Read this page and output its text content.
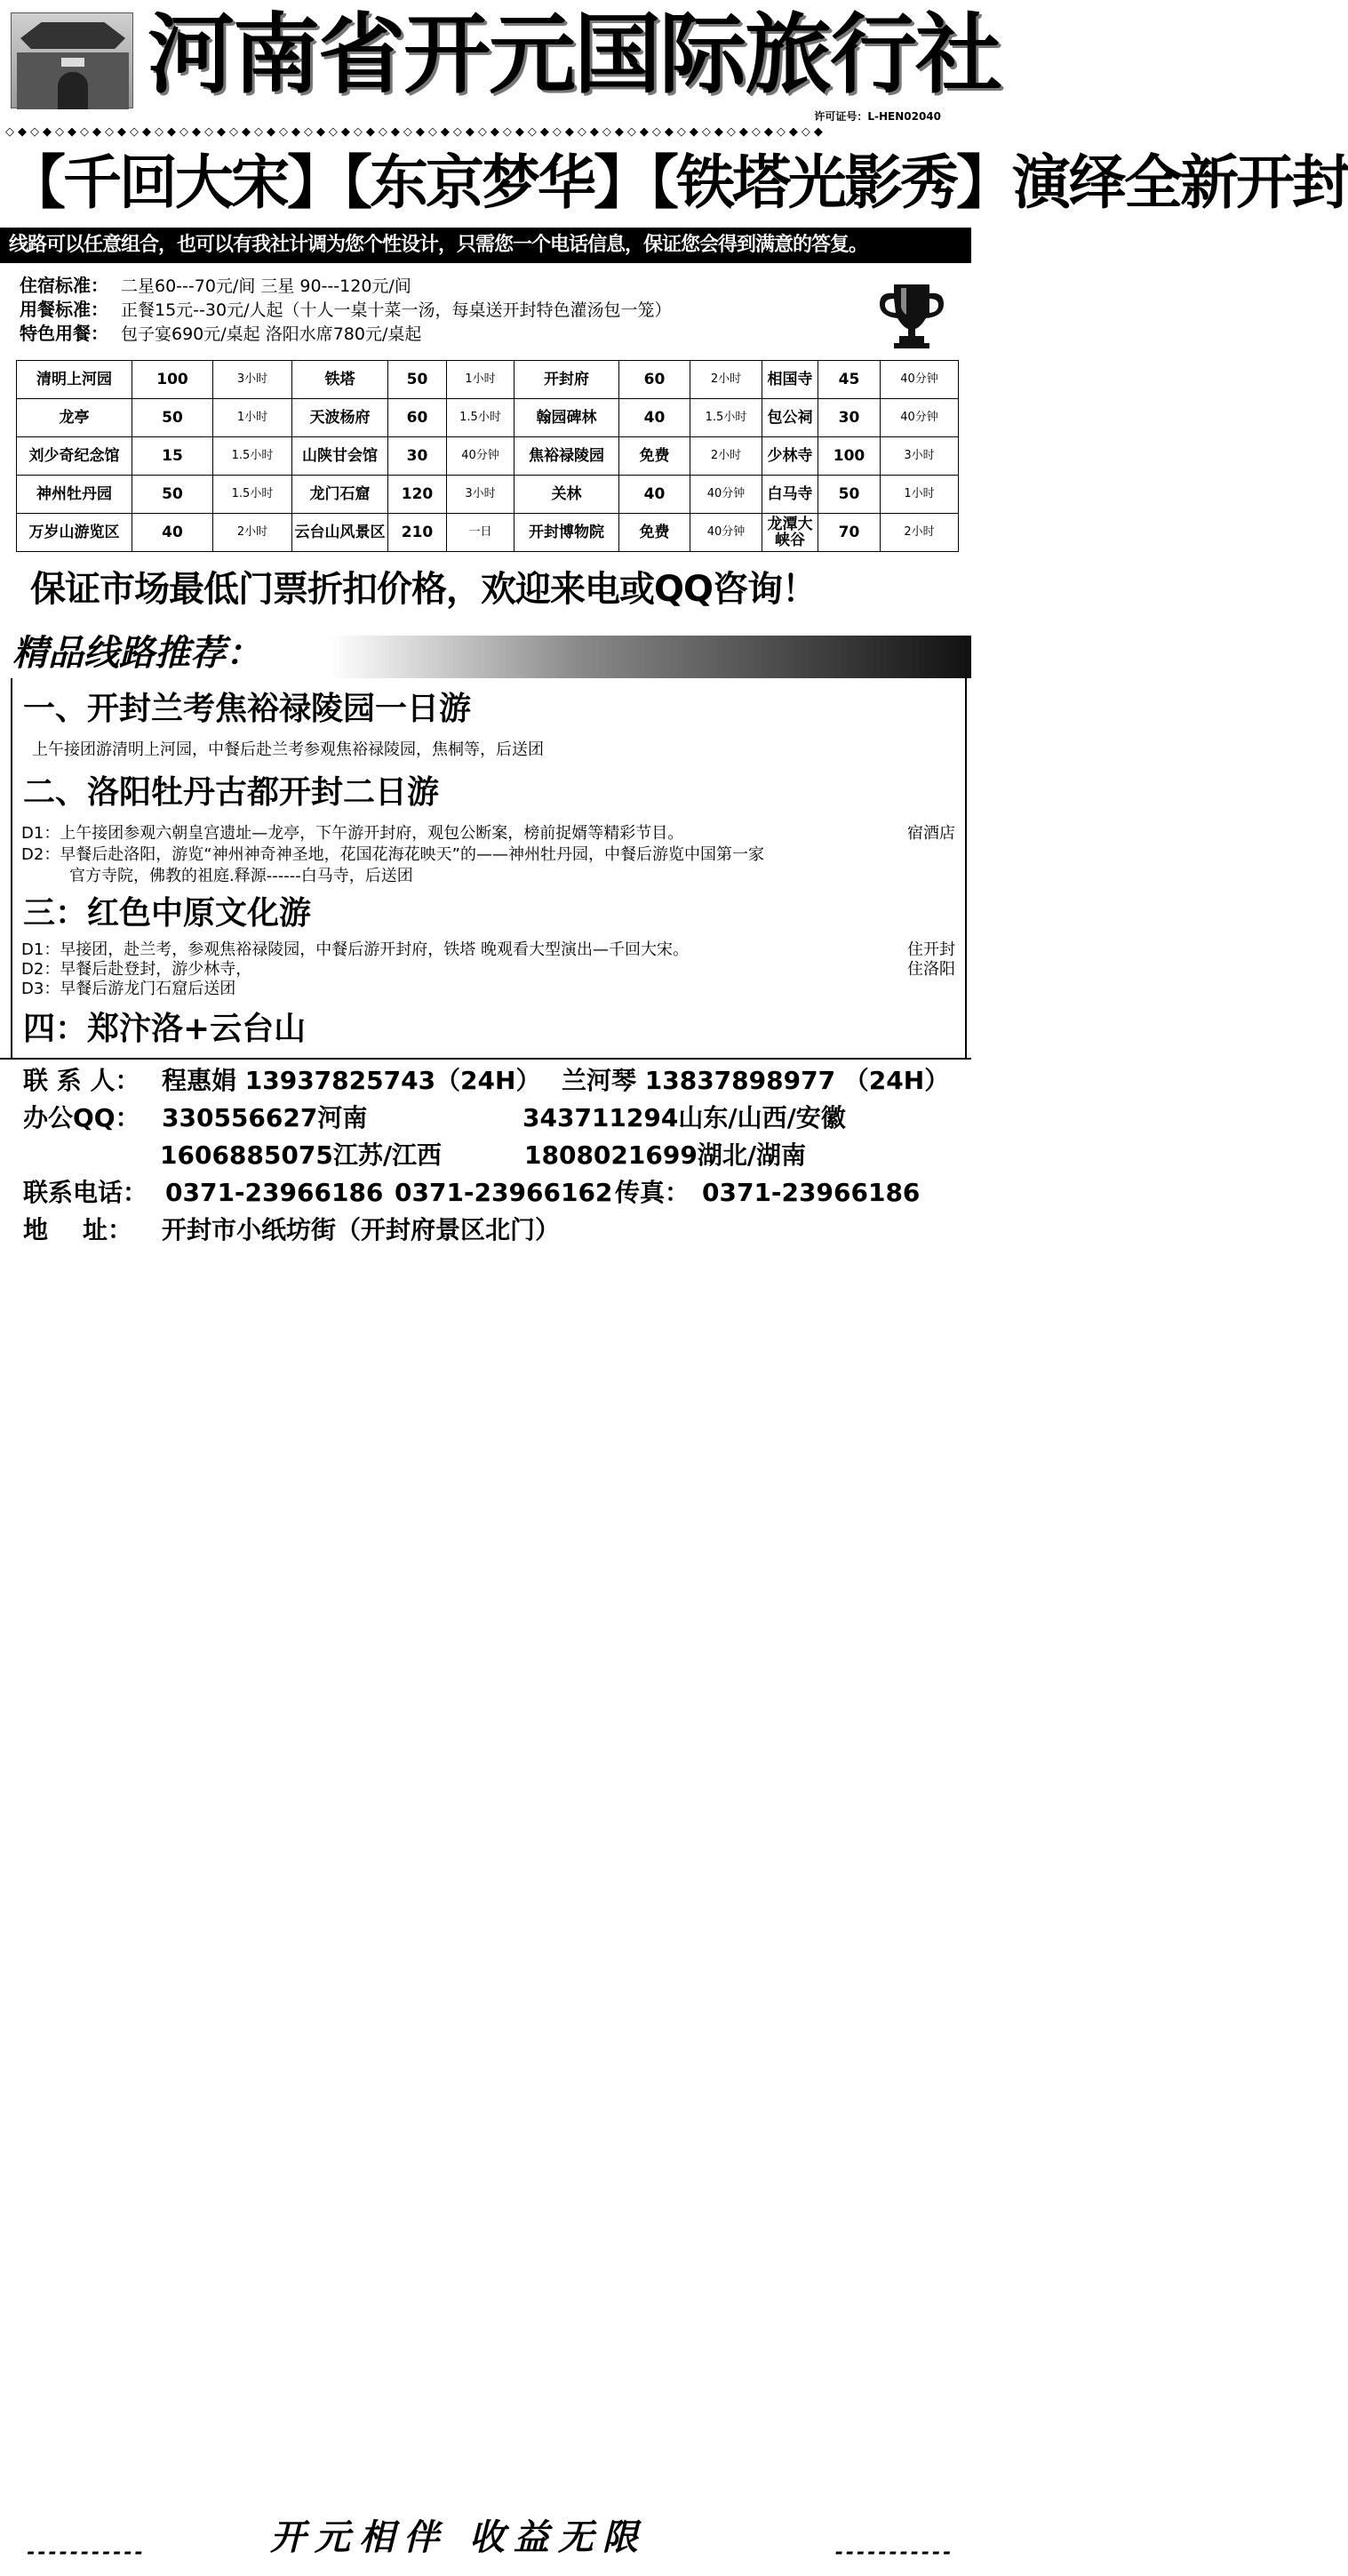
河南省开元国际旅行社
许可证号：L-HEN02040
◇◆◇◆◇◆◇◆◇◆◇◆◇◆◇◆◇◆◇◆◇◆◇◆◇◆◇◆◇◆◇◆◇◆◇◆◇◆◇◆◇◆◇◆◇◆◇◆◇◆◇◆◇◆◇◆◇◆◇◆◇◆◇◆◇◆
【千回大宋】【东京梦华】【铁塔光影秀】演绎全新开封
线路可以任意组合，也可以有我社计调为您个性设计，只需您一个电话信息，保证您会得到满意的答复。
住宿标准： 二星60---70元/间 三星 90---120元/间
用餐标准： 正餐15元--30元/人起（十人一桌十菜一汤，每桌送开封特色灌汤包一笼）
特色用餐： 包子宴690元/桌起 洛阳水席780元/桌起
清明上河园	100	3小时	铁塔	50	1小时	开封府	60	2小时	相国寺	45	40分钟
龙亭	50	1小时	天波杨府	60	1.5小时	翰园碑林	40	1.5小时	包公祠	30	40分钟
刘少奇纪念馆	15	1.5小时	山陕甘会馆	30	40分钟	焦裕禄陵园	免费	2小时	少林寺	100	3小时
神州牡丹园	50	1.5小时	龙门石窟	120	3小时	关林	40	40分钟	白马寺	50	1小时
万岁山游览区	40	2小时	云台山风景区	210	一日	开封博物院	免费	40分钟	龙潭大峡谷	70	2小时
保证市场最低门票折扣价格，欢迎来电或QQ咨询！
精品线路推荐：
一、开封兰考焦裕禄陵园一日游
上午接团游清明上河园，中餐后赴兰考参观焦裕禄陵园，焦桐等，后送团
二、洛阳牡丹古都开封二日游
D1：上午接团参观六朝皇宫遗址—龙亭，下午游开封府，观包公断案，榜前捉婿等精彩节目。	宿酒店
D2：早餐后赴洛阳，游览“神州神奇神圣地，花国花海花映天”的——神州牡丹园，中餐后游览中国第一家
官方寺院，佛教的祖庭.释源------白马寺，后送团
三：红色中原文化游
D1：早接团，赴兰考，参观焦裕禄陵园，中餐后游开封府，铁塔 晚观看大型演出—千回大宋。	住开封
D2：早餐后赴登封，游少林寺，	住洛阳
D3：早餐后游龙门石窟后送团
四：郑汴洛+云台山
联 系 人： 程惠娟 13937825743（24H） 兰河琴 13837898977 （24H）
办公QQ： 330556627河南	343711294山东/山西/安徽
1606885075江苏/江西	1808021699湖北/湖南
联系电话： 0371-23966186 0371-23966162 传真： 0371-23966186
地    址： 开封市小纸坊街（开封府景区北门）
-----------	开元相伴 收益无限	-----------
